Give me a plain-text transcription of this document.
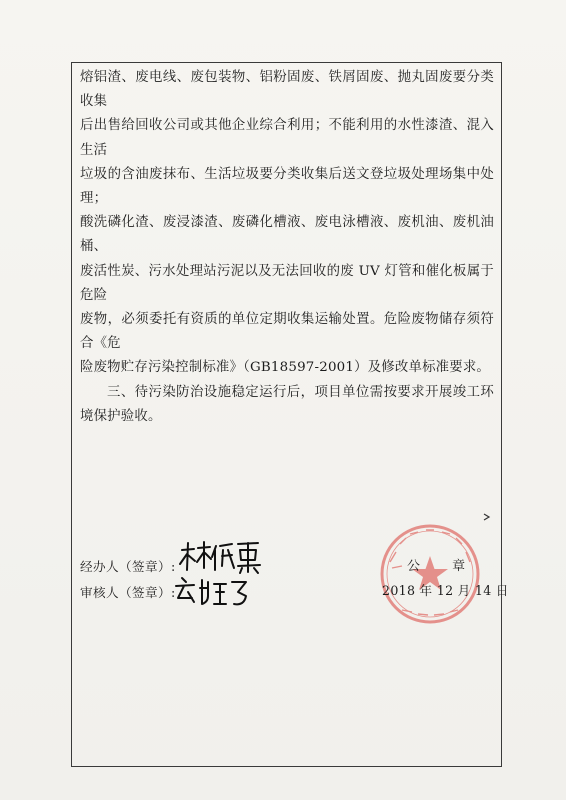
熔铝渣、废电线、废包装物、铝粉固废、铁屑固废、抛丸固废要分类收集

后出售给回收公司或其他企业综合利用；不能利用的水性漆渣、混入生活

垃圾的含油废抹布、生活垃圾要分类收集后送文登垃圾处理场集中处理；

酸洗磷化渣、废浸漆渣、废磷化槽液、废电泳槽液、废机油、废机油桶、

废活性炭、污水处理站污泥以及无法回收的废 UV 灯管和催化板属于危险

废物，必须委托有资质的单位定期收集运输处置。危险废物储存须符合《危

险废物贮存污染控制标准》（GB18597-2001）及修改单标准要求。

三、待污染防治设施稳定运行后，项目单位需按要求开展竣工环境保护验收。

经办人（签章）:
审核人（签章）:
公 章
2018 年 12 月 14 日
